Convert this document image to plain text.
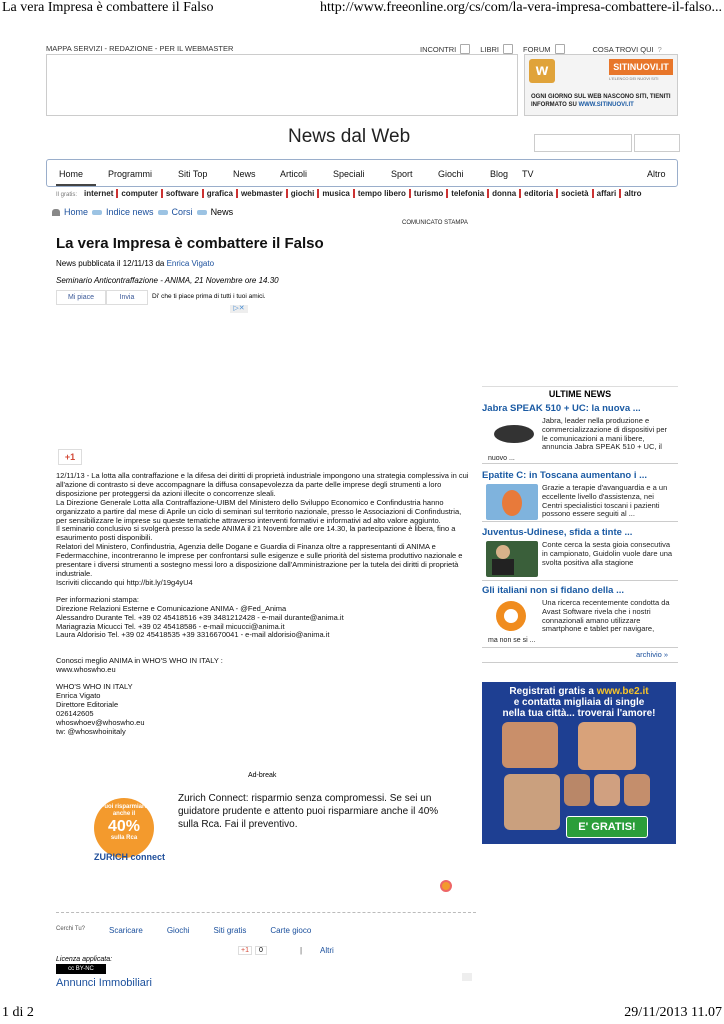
La vera Impresa è combattere il Falso	http://www.freeonline.org/cs/com/la-vera-impresa-combattere-il-falso...
MAPPA SERVIZI - REDAZIONE - PER IL WEBMASTER	INCONTRI	LIBRI	FORUM	COSA TROVI QUI ?
w	SITINUOVI.IT
L'ELENCO DEI NUOVI SITI
OGNI GIORNO SUL WEB NASCONO SITI, TIENITI INFORMATO SU WWW.SITINUOVI.IT
News dal Web
Home	Programmi	Siti Top	News	Articoli	Speciali	Sport	Giochi	Blog TV	Altro
Il gratis: internet computer software grafica webmaster giochi musica tempo libero turismo telefonia donna editoria società affari altro
Home Indice news Corsi News
COMUNICATO STAMPA
La vera Impresa è combattere il Falso
News pubblicata il 12/11/13 da Enrica Vigato
Seminario Anticontraffazione - ANIMA, 21 Novembre ore 14.30
Mi piace	Invia	Di' che ti piace prima di tutti i tuoi amici.
▷✕
+1

12/11/13 - La lotta alla contraffazione e la difesa dei diritti di proprietà industriale impongono una strategia complessiva in cui all'azione di contrasto si deve accompagnare la diffusa consapevolezza da parte delle imprese degli strumenti a loro disposizione per proteggersi da azioni illecite o concorrenze sleali.
La Direzione Generale Lotta alla Contraffazione-UIBM del Ministero dello Sviluppo Economico e Confindustria hanno organizzato a partire dal mese di Aprile un ciclo di seminari sul territorio nazionale, presso le Associazioni di Confindustria, per sensibilizzare le imprese su queste tematiche attraverso interventi formativi e informativi ad alto valore aggiunto.
Il seminario conclusivo si svolgerà presso la sede ANIMA il 21 Novembre alle ore 14.30, la partecipazione è libera, fino a esaurimento posti disponibili.
Relatori del Ministero, Confindustria, Agenzia delle Dogane e Guardia di Finanza oltre a rappresentanti di ANIMA e Federmacchine, incontreranno le imprese per confrontarsi sulle esigenze e sulle priorità del sistema produttivo nazionale e presentare i diversi strumenti a sostegno messi loro a disposizione dall'Amministrazione per la tutela dei diritti di proprietà industriale.
Iscriviti cliccando qui http://bit.ly/19g4yU4

Per informazioni stampa:
Direzione Relazioni Esterne e Comunicazione ANIMA - @Fed_Anima
Alessandro Durante Tel. +39 02 45418516 +39 3481212428 - e-mail durante@anima.it
Mariagrazia Micucci Tel. +39 02 45418586 - e-mail micucci@anima.it
Laura Aldorisio Tel. +39 02 45418535 +39 3316670041 - e-mail aldorisio@anima.it

Conosci meglio ANIMA in WHO'S WHO IN ITALY :
www.whoswho.eu

WHO'S WHO IN ITALY
Enrica Vigato
Direttore Editoriale
026142605
whoswhoev@whoswho.eu
tw: @whoswhoinitaly

Ad-break
Puoi risparmiare anche il
40%
sulla Rca
ZURICH connect
Zurich Connect: risparmio senza compromessi. Se sei un guidatore prudente e attento puoi risparmiare anche il 40% sulla Rca. Fai il preventivo.
Cerchi Tu?	Scaricare	Giochi	Siti gratis	Carte gioco
+1	0	| Altri
Licenza applicata:
cc BY-NC
Annunci Immobiliari
ULTIME NEWS
Jabra SPEAK 510 + UC: la nuova ...
Jabra, leader nella produzione e commercializzazione di dispositivi per le comunicazioni a mani libere, annuncia Jabra SPEAK 510 + UC, il
nuovo ...
Epatite C: in Toscana aumentano i ...
Grazie a terapie d'avanguardia e a un eccellente livello d'assistenza, nei Centri specialistici toscani i pazienti possono essere seguiti al ...
Juventus-Udinese, sfida a tinte ...
Conte cerca la sesta gioia consecutiva in campionato, Guidolin vuole dare una svolta positiva alla stagione
Gli italiani non si fidano della ...
Una ricerca recentemente condotta da Avast Software rivela che i nostri connazionali amano utilizzare smartphone e tablet per navigare,
ma non se si ...
archivio »
Registrati gratis a www.be2.it
e contatta migliaia di single
nella tua città... troverai l'amore!
E' GRATIS!
1 di 2	29/11/2013 11.07
